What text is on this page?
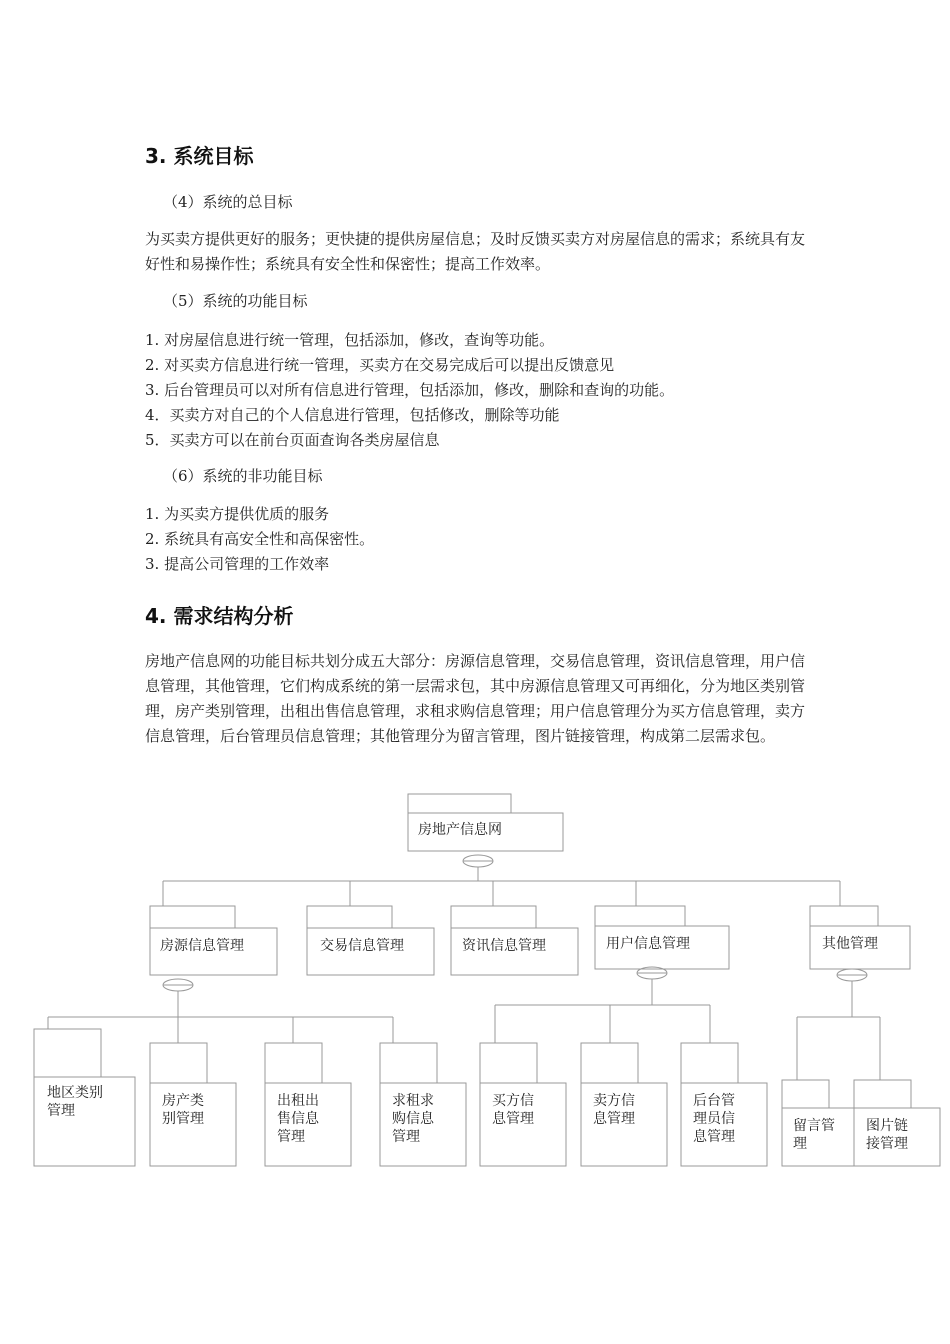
3. 系统目标
（4）系统的总目标
为买卖方提供更好的服务；更快捷的提供房屋信息；及时反馈买卖方对房屋信息的需求；系统具有友好性和易操作性；系统具有安全性和保密性；提高工作效率。
（5）系统的功能目标
1. 对房屋信息进行统一管理，包括添加，修改，查询等功能。
2. 对买卖方信息进行统一管理，买卖方在交易完成后可以提出反馈意见
3. 后台管理员可以对所有信息进行管理，包括添加，修改，删除和查询的功能。
4．买卖方对自己的个人信息进行管理，包括修改，删除等功能
5．买卖方可以在前台页面查询各类房屋信息
（6）系统的非功能目标
1. 为买卖方提供优质的服务
2. 系统具有高安全性和高保密性。
3. 提高公司管理的工作效率
4. 需求结构分析
房地产信息网的功能目标共划分成五大部分：房源信息管理，交易信息管理，资讯信息管理，用户信息管理，其他管理，它们构成系统的第一层需求包，其中房源信息管理又可再细化，分为地区类别管理，房产类别管理，出租出售信息管理，求租求购信息管理；用户信息管理分为买方信息管理，卖方信息管理，后台管理员信息管理；其他管理分为留言管理，图片链接管理，构成第二层需求包。
房地产信息网
房源信息管理	交易信息管理	资讯信息管理	用户信息管理	其他管理
地区类别
管理
房产类
别管理
出租出
售信息
管理
求租求
购信息
管理
买方信
息管理
卖方信
息管理
后台管
理员信
息管理
留言管
理
图片链
接管理
